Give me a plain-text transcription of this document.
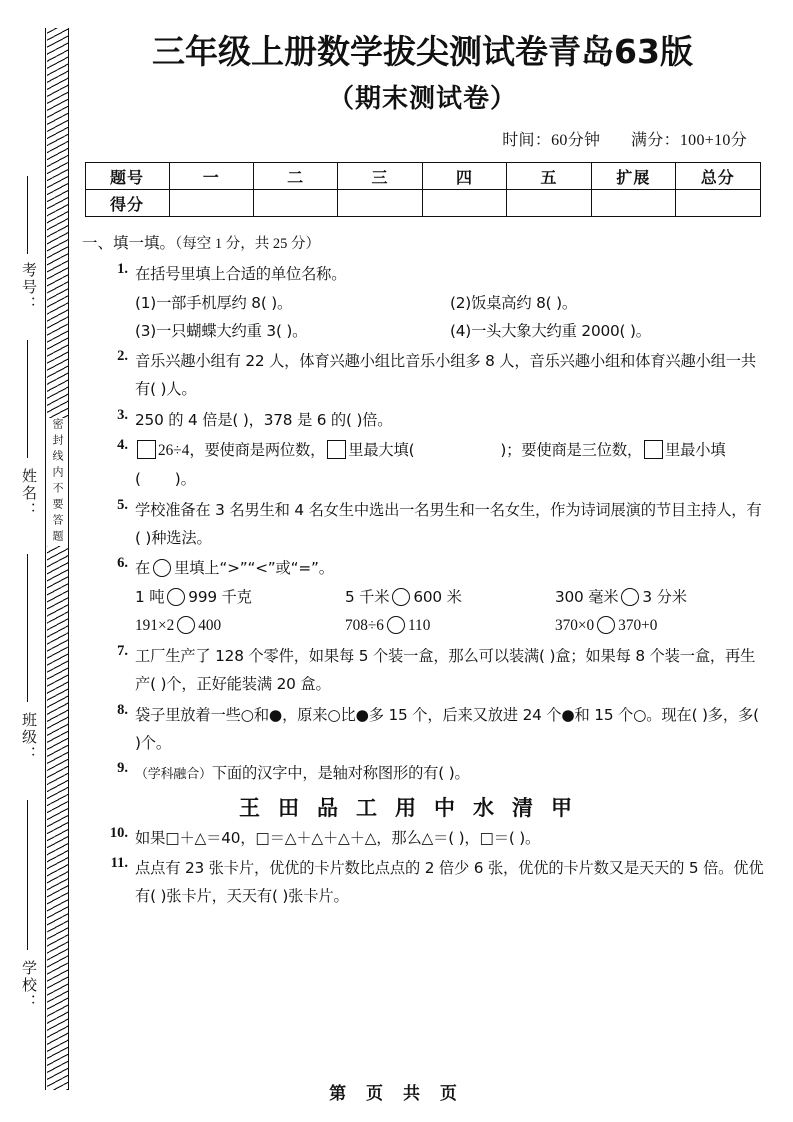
密封线内不要答题
考号：
姓名：
班级：
学校：
三年级上册数学拔尖测试卷青岛63版
（期末测试卷）
时间：60分钟 满分：100+10分
题号	一	二	三	四	五	扩展	总分
得分							
一、填一填。（每空 1 分，共 25 分）
1. 在括号里填上合适的单位名称。
(1)一部手机厚约 8( )。	(2)饭桌高约 8( )。
(3)一只蝴蝶大约重 3( )。	(4)一头大象大约重 2000( )。
2. 音乐兴趣小组有 22 人，体育兴趣小组比音乐小组多 8 人，音乐兴趣小组和体育兴趣小组一共有( )人。
3. 250 的 4 倍是( )，378 是 6 的( )倍。
4.	26÷4，要使商是两位数， 里最大填 (  )	；要使商是三位数， 里最小填(  )。
5. 学校准备在 3 名男生和 4 名女生中选出一名男生和一名女生，作为诗词展演的节目主持人，有( )种选法。
6. 在 里填上“>”“<”或“=”。
1 吨 999 千克	5 千米 600 米	300 毫米 3 分米
191×2 400	708÷6 110	370×0 370+0
7. 工厂生产了 128 个零件，如果每 5 个装一盒，那么可以装满( )盒；如果每 8 个装一盒，再生产( )个，正好能装满 20 盒。
8. 袋子里放着一些○和●，原来○比●多 15 个，后来又放进 24 个●和 15 个○。现在( )多，多( )个。
9. （学科融合）下面的汉字中，是轴对称图形的有( )。
王田品工用中水清甲
10. 如果□＋△＝40，□＝△＋△＋△＋△，那么△＝( )，□＝( )。
11. 点点有 23 张卡片，优优的卡片数比点点的 2 倍少 6 张，优优的卡片数又是天天的 5 倍。优优有( )张卡片，天天有( )张卡片。
第 页 共 页
